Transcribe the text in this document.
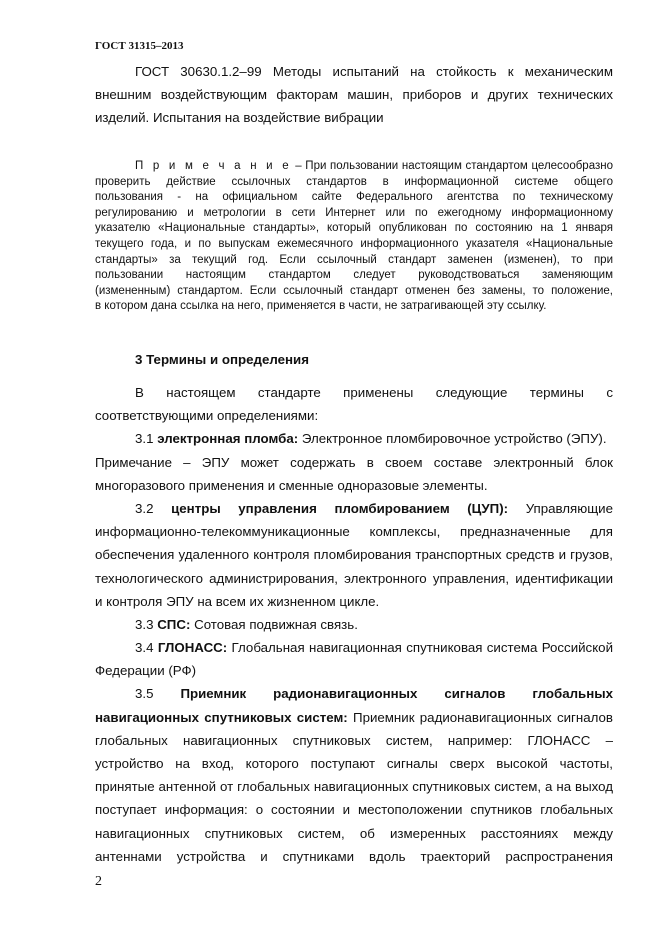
ГОСТ 31315–2013
ГОСТ 30630.1.2–99 Методы испытаний на стойкость к механическим
внешним воздействующим факторам машин, приборов и других технических
изделий. Испытания на воздействие вибрации
П р и м е ч а н и е – При пользовании настоящим стандартом целесообразно
проверить действие ссылочных стандартов в информационной системе общего
пользования - на официальном сайте Федерального агентства по техническому
регулированию и метрологии в сети Интернет или по ежегодному информационному
указателю «Национальные стандарты», который опубликован по состоянию на 1 января
текущего года, и по выпускам ежемесячного информационного указателя «Национальные
стандарты» за текущий год. Если ссылочный стандарт заменен (изменен), то при
пользовании настоящим стандартом следует руководствоваться заменяющим
(измененным) стандартом. Если ссылочный стандарт отменен без замены, то положение,
в котором дана ссылка на него, применяется в части, не затрагивающей эту ссылку.
3 Термины и определения
В настоящем стандарте применены следующие термины с
соответствующими определениями:
3.1 электронная пломба: Электронное пломбировочное устройство (ЭПУ).
Примечание – ЭПУ может содержать в своем составе электронный блок
многоразового применения и сменные одноразовые элементы.
3.2 центры управления пломбированием (ЦУП): Управляющие
информационно-телекоммуникационные комплексы, предназначенные для
обеспечения удаленного контроля пломбирования транспортных средств и грузов,
технологического администрирования, электронного управления, идентификации
и контроля ЭПУ на всем их жизненном цикле.
3.3 СПС: Сотовая подвижная связь.
3.4 ГЛОНАСС: Глобальная навигационная спутниковая система Российской
Федерации (РФ)
3.5 Приемник радионавигационных сигналов глобальных
навигационных спутниковых систем: Приемник радионавигационных сигналов
глобальных навигационных спутниковых систем, например: ГЛОНАСС –
устройство на вход, которого поступают сигналы сверх высокой частоты,
принятые антенной от глобальных навигационных спутниковых систем, а на выход
поступает информация: о состоянии и местоположении спутников глобальных
навигационных спутниковых систем, об измеренных расстояниях между
антеннами устройства и спутниками вдоль траекторий распространения
2
